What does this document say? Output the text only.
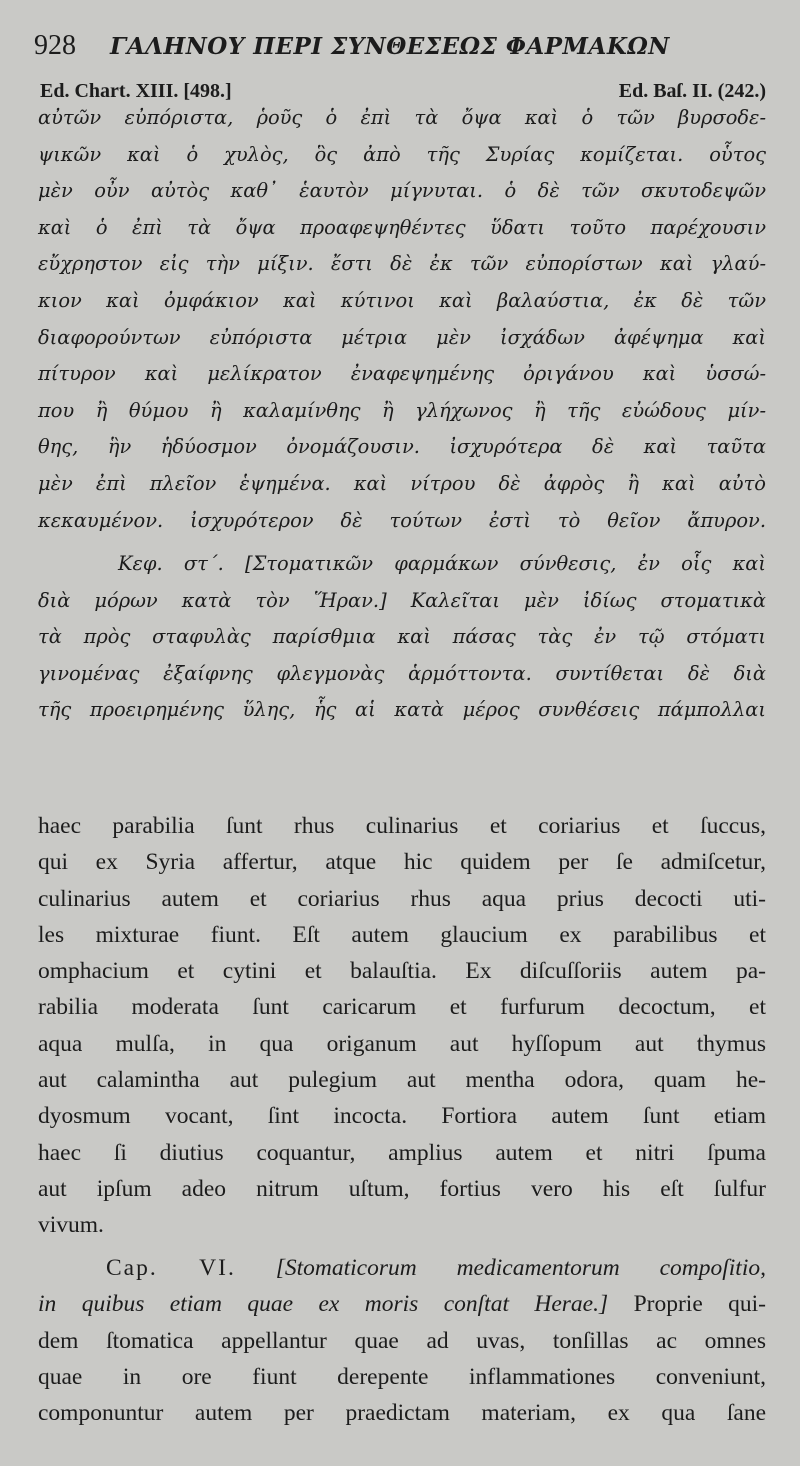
928 ΓΑΛΗΝΟΥ ΠΕΡΙ ΣΥΝΘΕΣΕΩΣ ΦΑΡΜΑΚΩΝ
Ed. Chart. XIII. [498.]	Ed. Baſ. II. (242.)
αὐτῶν εὐπόριστα, ῥοῦς ὁ ἐπὶ τὰ ὄψα καὶ ὁ τῶν βυρσοδε-
ψικῶν καὶ ὁ χυλὸς, ὃς ἀπὸ τῆς Συρίας κομίζεται. οὗτος
μὲν οὖν αὐτὸς καθ᾽ ἑαυτὸν μίγνυται. ὁ δὲ τῶν σκυτοδεψῶν
καὶ ὁ ἐπὶ τὰ ὄψα προαφεψηθέντες ὕδατι τοῦτο παρέχουσιν
εὔχρηστον εἰς τὴν μίξιν. ἔστι δὲ ἐκ τῶν εὐπορίστων καὶ γλαύ-
κιον καὶ ὀμφάκιον καὶ κύτινοι καὶ βαλαύστια, ἐκ δὲ τῶν
διαφορούντων εὐπόριστα μέτρια μὲν ἰσχάδων ἀφέψημα καὶ
πίτυρον καὶ μελίκρατον ἐναφεψημένης ὀριγάνου καὶ ὑσσώ-
που ἢ θύμου ἢ καλαμίνθης ἢ γλήχωνος ἢ τῆς εὐώδους μίν-
θης, ἣν ἡδύοσμον ὀνομάζουσιν. ἰσχυρότερα δὲ καὶ ταῦτα
μὲν ἐπὶ πλεῖον ἑψημένα. καὶ νίτρου δὲ ἀφρὸς ἢ καὶ αὐτὸ
κεκαυμένον. ἰσχυρότερον δὲ τούτων ἐστὶ τὸ θεῖον ἄπυρον.
Κεφ. στ΄. [Στοματικῶν φαρμάκων σύνθεσις, ἐν οἷς καὶ
διὰ μόρων κατὰ τὸν Ἥραν.] Καλεῖται μὲν ἰδίως στοματικὰ
τὰ πρὸς σταφυλὰς παρίσθμια καὶ πάσας τὰς ἐν τῷ στόματι
γινομένας ἐξαίφνης φλεγμονὰς ἁρμόττοντα. συντίθεται δὲ διὰ
τῆς προειρημένης ὕλης, ἧς αἱ κατὰ μέρος συνθέσεις πάμπολλαι
haec parabilia ſunt rhus culinarius et coriarius et ſuccus,
qui ex Syria affertur, atque hic quidem per ſe admiſcetur,
culinarius autem et coriarius rhus aqua prius decocti uti-
les mixturae fiunt. Eſt autem glaucium ex parabilibus et
omphacium et cytini et balauſtia. Ex diſcuſſoriis autem pa-
rabilia moderata ſunt caricarum et furfurum decoctum, et
aqua mulſa, in qua origanum aut hyſſopum aut thymus
aut calamintha aut pulegium aut mentha odora, quam he-
dyosmum vocant, ſint incocta. Fortiora autem ſunt etiam
haec ſi diutius coquantur, amplius autem et nitri ſpuma
aut ipſum adeo nitrum uſtum, fortius vero his eſt ſulfur
vivum.
Cap. VI. [Stomaticorum medicamentorum compoſitio,
in quibus etiam quae ex moris conſtat Herae.] Proprie qui-
dem ſtomatica appellantur quae ad uvas, tonſillas ac omnes
quae in ore fiunt derepente inflammationes conveniunt,
componuntur autem per praedictam materiam, ex qua ſane
